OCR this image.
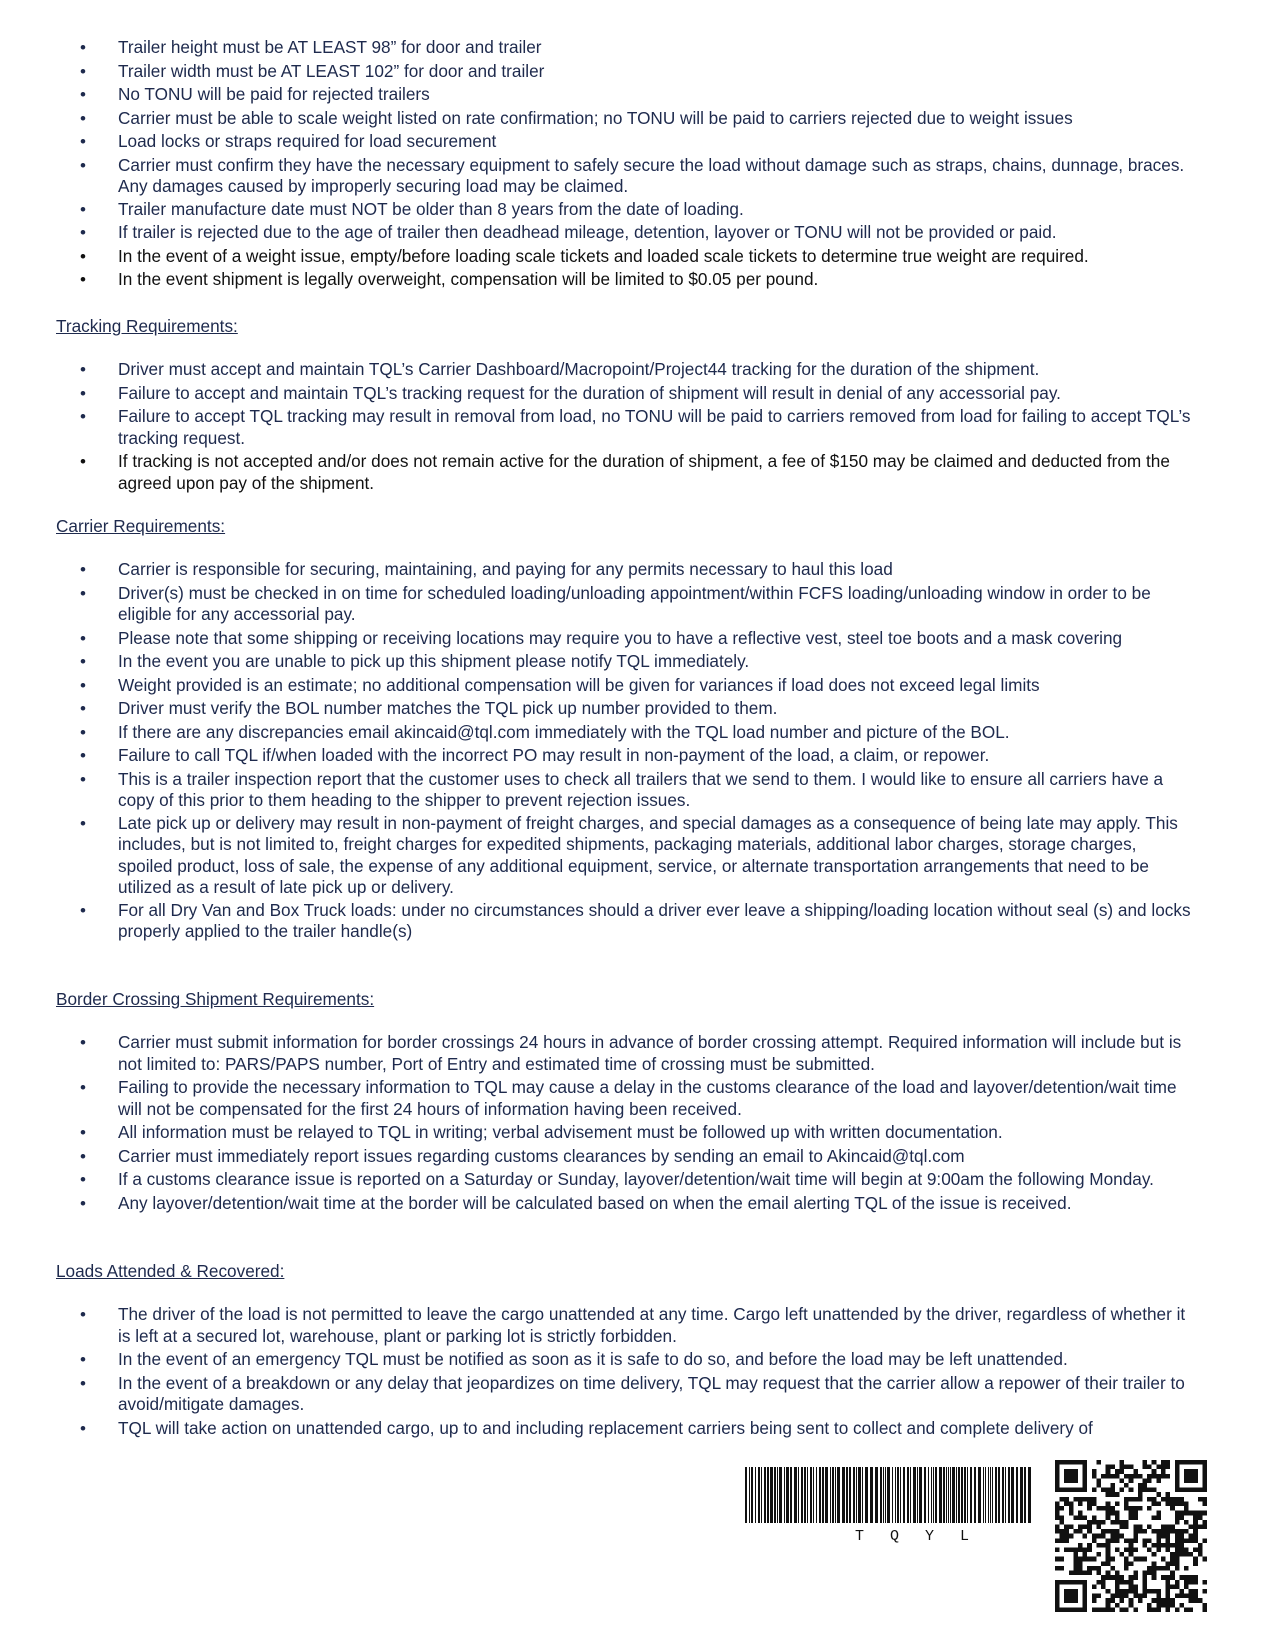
• Trailer height must be AT LEAST 98” for door and trailer
• Trailer width must be AT LEAST 102” for door and trailer
• No TONU will be paid for rejected trailers
• Carrier must be able to scale weight listed on rate confirmation; no TONU will be paid to carriers rejected due to weight issues
• Load locks or straps required for load securement
• Carrier must confirm they have the necessary equipment to safely secure the load without damage such as straps, chains, dunnage, braces. Any damages caused by improperly securing load may be claimed.
• Trailer manufacture date must NOT be older than 8 years from the date of loading.
• If trailer is rejected due to the age of trailer then deadhead mileage, detention, layover or TONU will not be provided or paid.
• In the event of a weight issue, empty/before loading scale tickets and loaded scale tickets to determine true weight are required.
• In the event shipment is legally overweight, compensation will be limited to $0.05 per pound.

Tracking Requirements:

• Driver must accept and maintain TQL’s Carrier Dashboard/Macropoint/Project44 tracking for the duration of the shipment.
• Failure to accept and maintain TQL’s tracking request for the duration of shipment will result in denial of any accessorial pay.
• Failure to accept TQL tracking may result in removal from load, no TONU will be paid to carriers removed from load for failing to accept TQL’s tracking request.
• If tracking is not accepted and/or does not remain active for the duration of shipment, a fee of $150 may be claimed and deducted from the agreed upon pay of the shipment.

Carrier Requirements:

• Carrier is responsible for securing, maintaining, and paying for any permits necessary to haul this load
• Driver(s) must be checked in on time for scheduled loading/unloading appointment/within FCFS loading/unloading window in order to be eligible for any accessorial pay.
• Please note that some shipping or receiving locations may require you to have a reflective vest, steel toe boots and a mask covering
• In the event you are unable to pick up this shipment please notify TQL immediately.
• Weight provided is an estimate; no additional compensation will be given for variances if load does not exceed legal limits
• Driver must verify the BOL number matches the TQL pick up number provided to them.
• If there are any discrepancies email akincaid@tql.com immediately with the TQL load number and picture of the BOL.
• Failure to call TQL if/when loaded with the incorrect PO may result in non-payment of the load, a claim, or repower.
• This is a trailer inspection report that the customer uses to check all trailers that we send to them. I would like to ensure all carriers have a copy of this prior to them heading to the shipper to prevent rejection issues.
• Late pick up or delivery may result in non-payment of freight charges, and special damages as a consequence of being late may apply. This includes, but is not limited to, freight charges for expedited shipments, packaging materials, additional labor charges, storage charges, spoiled product, loss of sale, the expense of any additional equipment, service, or alternate transportation arrangements that need to be utilized as a result of late pick up or delivery.
• For all Dry Van and Box Truck loads: under no circumstances should a driver ever leave a shipping/loading location without seal (s) and locks properly applied to the trailer handle(s)

Border Crossing Shipment Requirements:

• Carrier must submit information for border crossings 24 hours in advance of border crossing attempt. Required information will include but is not limited to: PARS/PAPS number, Port of Entry and estimated time of crossing must be submitted.
• Failing to provide the necessary information to TQL may cause a delay in the customs clearance of the load and layover/detention/wait time will not be compensated for the first 24 hours of information having been received.
• All information must be relayed to TQL in writing; verbal advisement must be followed up with written documentation.
• Carrier must immediately report issues regarding customs clearances by sending an email to Akincaid@tql.com
• If a customs clearance issue is reported on a Saturday or Sunday, layover/detention/wait time will begin at 9:00am the following Monday.
• Any layover/detention/wait time at the border will be calculated based on when the email alerting TQL of the issue is received.

Loads Attended & Recovered:

• The driver of the load is not permitted to leave the cargo unattended at any time. Cargo left unattended by the driver, regardless of whether it is left at a secured lot, warehouse, plant or parking lot is strictly forbidden.
• In the event of an emergency TQL must be notified as soon as it is safe to do so, and before the load may be left unattended.
• In the event of a breakdown or any delay that jeopardizes on time delivery, TQL may request that the carrier allow a repower of their trailer to avoid/mitigate damages.
• TQL will take action on unattended cargo, up to and including replacement carriers being sent to collect and complete delivery of
TQYL
